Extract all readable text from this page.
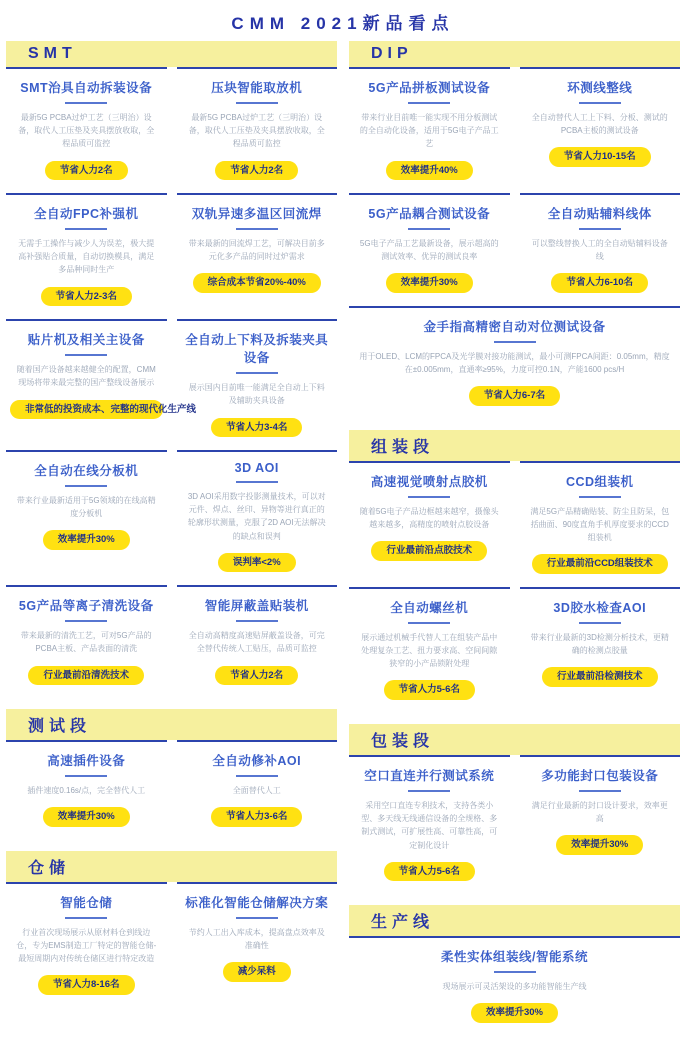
CMM 2021新品看点
SMT
SMT治具自动拆装设备
最新5G PCBA过炉工艺（三明治）设备，取代人工压垫及夹具摆放收取，全程品质可监控
节省人力2名
压块智能取放机
最新5G PCBA过炉工艺（三明治）设备，取代人工压垫及夹具摆放收取，全程品质可监控
节省人力2名
全自动FPC补强机
无需手工操作与减少人为误差，极大提高补强贴合质量，自动切换模具，满足多品种同时生产
节省人力2-3名
双轨异速多温区回流焊
带来最新的回流焊工艺，可解决目前多元化多产品的同时过炉需求
综合成本节省20%-40%
贴片机及相关主设备
随着国产设备越来越健全的配置，CMM现场将带来最完整的国产整线设备展示
非常低的投资成本、完整的现代化生产线
全自动上下料及拆装夹具设备
展示国内目前唯一能满足全自动上下料及辅助夹具设备
节省人力3-4名
全自动在线分板机
带来行业最新适用于5G领域的在线高精度分板机
效率提升30%
3D AOI
3D AOI采用数字投影测量技术，可以对元件、焊点、丝印、异物等进行真正的轮廓形状测量，克服了2D AOI无法解决的缺点和误判
误判率<2%
5G产品等离子清洗设备
带来最新的清洗工艺，可对5G产品的PCBA主板、产品表面的清洗
行业最前沿清洗技术
智能屏蔽盖贴装机
全自动高精度高速贴屏蔽盖设备，可完全替代传统人工贴压，品质可监控
节省人力2名
测试段
高速插件设备
插件速度0.16s/点，完全替代人工
效率提升30%
全自动修补AOI
全面替代人工
节省人力3-6名
仓储
智能仓储
行业首次现场展示从原材料仓到线边仓，专为EMS制造工厂特定的智能仓储-最短周期内对传统仓储区进行特定改造
节省人力8-16名
标准化智能仓储解决方案
节约人工出入库成本，提高盘点效率及准确性
减少呆料
DIP
5G产品拼板测试设备
带来行业目前唯一能实现不用分板测试的全自动化设备，适用于5G电子产品工艺
效率提升40%
环测线整线
全自动替代人工上下料、分板、测试的PCBA主板的测试设备
节省人力10-15名
5G产品耦合测试设备
5G电子产品工艺最新设备，展示超高的测试效率、优异的测试良率
效率提升30%
全自动贴辅料线体
可以整线替换人工的全自动贴辅料设备线
节省人力6-10名
金手指高精密自动对位测试设备
用于OLED、LCM的FPCA及光学膜对接功能测试，最小可测FPCA间距：0.05mm，精度在±0.005mm，直通率≥95%，力度可控0.1N，产能1600 pcs/H
节省人力6-7名
组装段
高速视觉喷射点胶机
随着5G电子产品边框越来越窄，摄像头越来越多，高精度的喷射点胶设备
行业最前沿点胶技术
CCD组装机
满足5G产品精确贴装、防尘且防呆，包括曲面、90度直角手机厚度要求的CCD组装机
行业最前沿CCD组装技术
全自动螺丝机
展示通过机械手代替人工在组装产品中处理复杂工艺、扭力要求高、空间间隙狭窄的小产品锁附处理
节省人力5-6名
3D胶水检查AOI
带来行业最新的3D检测分析技术，更精确的检测点胶量
行业最前沿检测技术
包装段
空口直连并行测试系统
采用空口直连专利技术，支持各类小型、多天线无线通信设备的全规格、多制式测试，可扩展性高、可靠性高，可定制化设计
节省人力5-6名
多功能封口包装设备
满足行业最新的封口设计要求，效率更高
效率提升30%
生产线
柔性实体组装线/智能系统
现场展示可灵活架设的多功能智能生产线
效率提升30%
